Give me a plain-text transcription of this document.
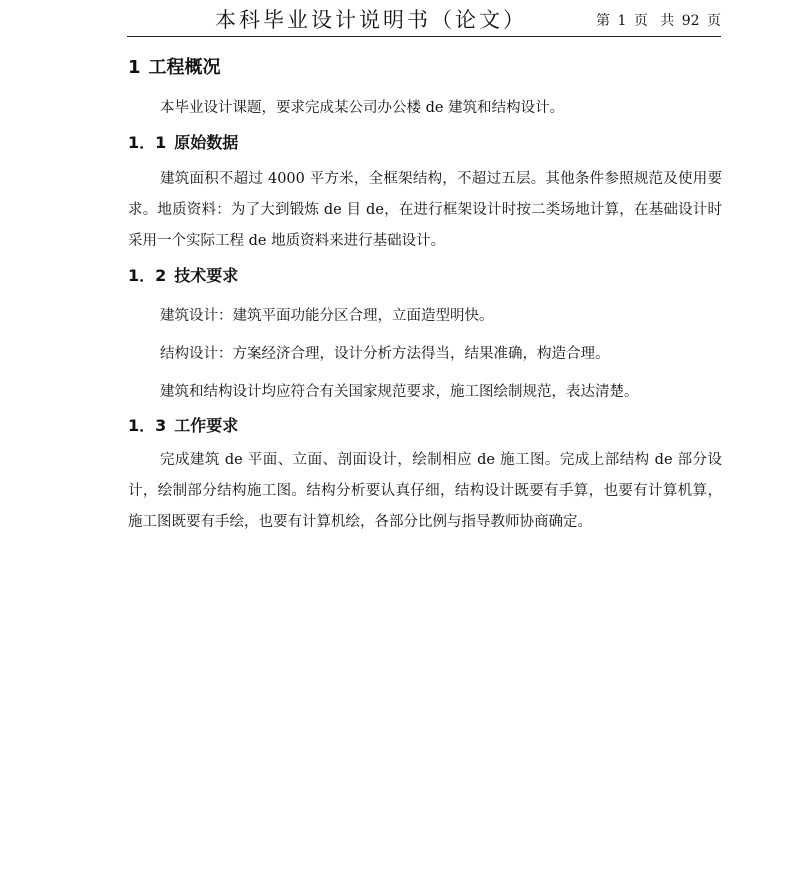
本科毕业设计说明书（论文）	第 1 页 共 92 页
1 工程概况

本毕业设计课题，要求完成某公司办公楼 de 建筑和结构设计。

1．1 原始数据

建筑面积不超过 4000 平方米，全框架结构，不超过五层。其他条件参照规范及使用要求。地质资料：为了大到锻炼 de 目 de，在进行框架设计时按二类场地计算，在基础设计时采用一个实际工程 de 地质资料来进行基础设计。

1．2 技术要求

建筑设计：建筑平面功能分区合理，立面造型明快。

结构设计：方案经济合理，设计分析方法得当，结果准确，构造合理。

建筑和结构设计均应符合有关国家规范要求，施工图绘制规范，表达清楚。

1．3 工作要求

完成建筑 de 平面、立面、剖面设计，绘制相应 de 施工图。完成上部结构 de 部分设计，绘制部分结构施工图。结构分析要认真仔细，结构设计既要有手算，也要有计算机算，施工图既要有手绘，也要有计算机绘，各部分比例与指导教师协商确定。
